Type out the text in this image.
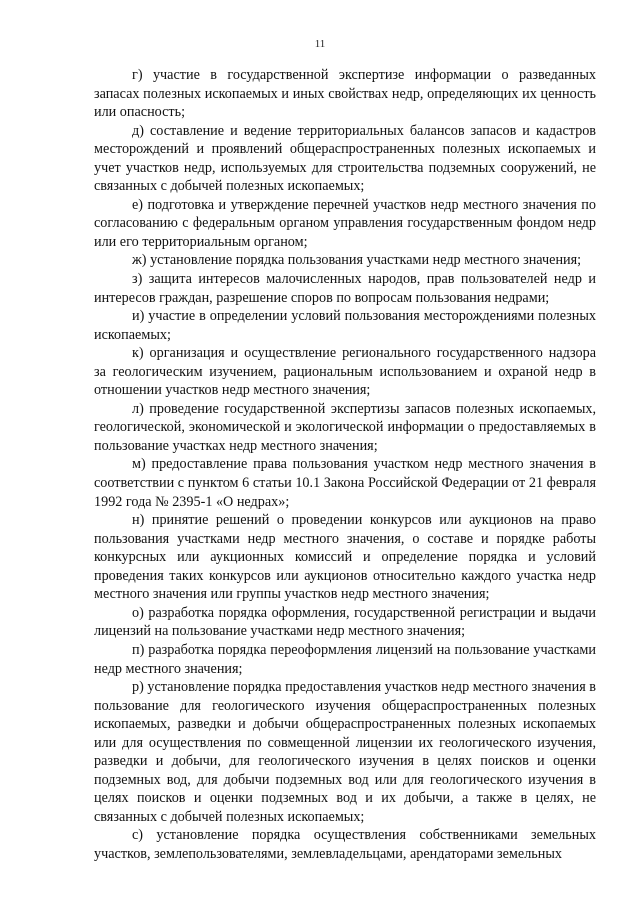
11

г) участие в государственной экспертизе информации о разведанных запасах полезных ископаемых и иных свойствах недр, определяющих их ценность или опасность;

д) составление и ведение территориальных балансов запасов и кадастров месторождений и проявлений общераспространенных полезных ископаемых и учет участков недр, используемых для строительства подземных сооружений, не связанных с добычей полезных ископаемых;

е) подготовка и утверждение перечней участков недр местного значения по согласованию с федеральным органом управления государственным фондом недр или его территориальным органом;

ж) установление порядка пользования участками недр местного значения;

з) защита интересов малочисленных народов, прав пользователей недр и интересов граждан, разрешение споров по вопросам пользования недрами;

и) участие в определении условий пользования месторождениями полезных ископаемых;

к) организация и осуществление регионального государственного надзора за геологическим изучением, рациональным использованием и охраной недр в отношении участков недр местного значения;

л) проведение государственной экспертизы запасов полезных ископаемых, геологической, экономической и экологической информации о предоставляемых в пользование участках недр местного значения;

м) предоставление права пользования участком недр местного значения в соответствии с пунктом 6 статьи 10.1 Закона Российской Федерации от 21 февраля 1992 года № 2395-1 «О недрах»;

н) принятие решений о проведении конкурсов или аукционов на право пользования участками недр местного значения, о составе и порядке работы конкурсных или аукционных комиссий и определение порядка и условий проведения таких конкурсов или аукционов относительно каждого участка недр местного значения или группы участков недр местного значения;

о) разработка порядка оформления, государственной регистрации и выдачи лицензий на пользование участками недр местного значения;

п) разработка порядка переоформления лицензий на пользование участками недр местного значения;

р) установление порядка предоставления участков недр местного значения в пользование для геологического изучения общераспространенных полезных ископаемых, разведки и добычи общераспространенных полезных ископаемых или для осуществления по совмещенной лицензии их геологического изучения, разведки и добычи, для геологического изучения в целях поисков и оценки подземных вод, для добычи подземных вод или для геологического изучения в целях поисков и оценки подземных вод и их добычи, а также в целях, не связанных с добычей полезных ископаемых;

с) установление порядка осуществления собственниками земельных участков, землепользователями, землевладельцами, арендаторами земельных
